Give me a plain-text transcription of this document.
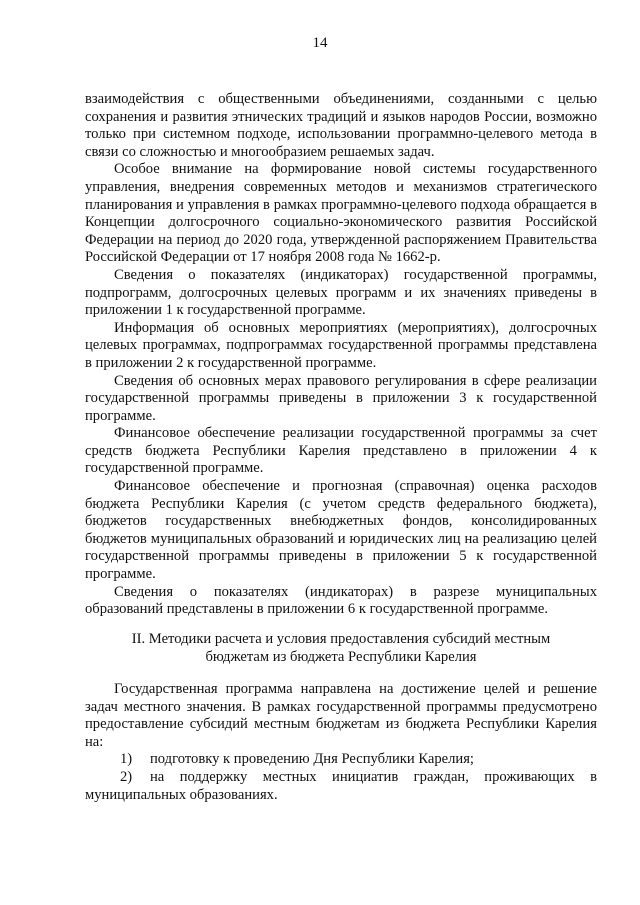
14

взаимодействия с общественными объединениями, созданными с целью сохранения и развития этнических традиций и языков народов России, возможно только при системном подходе, использовании программно-целевого метода в связи со сложностью и многообразием решаемых задач.

Особое внимание на формирование новой системы государственного управления, внедрения современных методов и механизмов стратегического планирования и управления в рамках программно-целевого подхода обращается в Концепции долгосрочного социально-экономического развития Российской Федерации на период до 2020 года, утвержденной распоряжением Правительства Российской Федерации от 17 ноября 2008 года № 1662-р.

Сведения о показателях (индикаторах) государственной программы, подпрограмм, долгосрочных целевых программ и их значениях приведены в приложении 1 к государственной программе.

Информация об основных мероприятиях (мероприятиях), долгосрочных целевых программах, подпрограммах государственной программы представлена в приложении 2 к государственной программе.

Сведения об основных мерах правового регулирования в сфере реализации государственной программы приведены в приложении 3 к государственной программе.

Финансовое обеспечение реализации государственной программы за счет средств бюджета Республики Карелия представлено в приложении 4 к государственной программе.

Финансовое обеспечение и прогнозная (справочная) оценка расходов бюджета Республики Карелия (с учетом средств федерального бюджета), бюджетов государственных внебюджетных фондов, консолидированных бюджетов муниципальных образований и юридических лиц на реализацию целей государственной программы приведены в приложении 5 к государственной программе.

Сведения о показателях (индикаторах) в разрезе муниципальных образований представлены в приложении 6 к государственной программе.

II. Методики расчета и условия предоставления субсидий местным
бюджетам из бюджета Республики Карелия

Государственная программа направлена на достижение целей и решение задач местного значения. В рамках государственной программы предусмотрено предоставление субсидий местным бюджетам из бюджета Республики Карелия на:

1) подготовку к проведению Дня Республики Карелия;

2) на поддержку местных инициатив граждан, проживающих в муниципальных образованиях.
